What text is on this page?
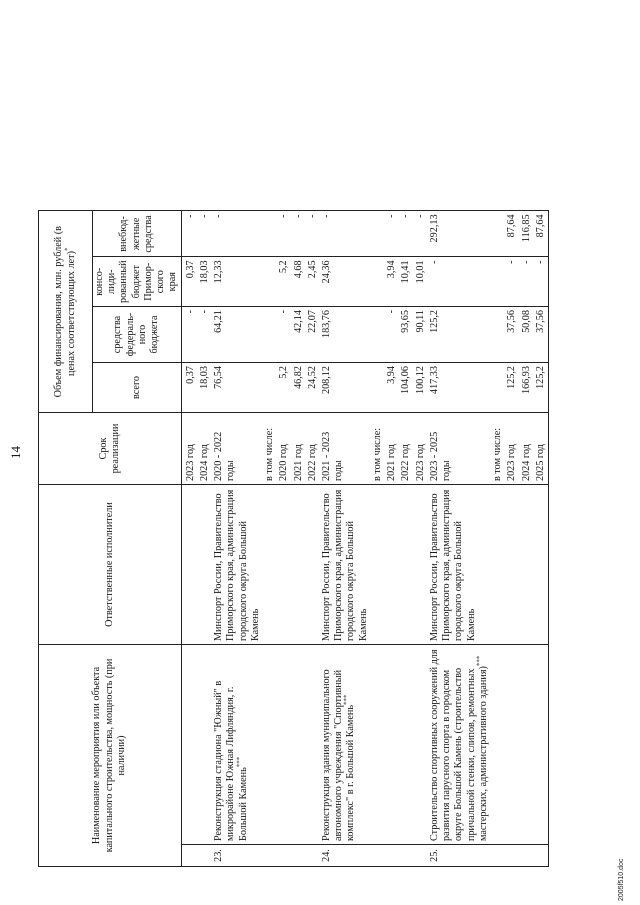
14
Наименование мероприятия или объекта капитального строительства, мощность (при наличии)		Ответственные исполнители	Срок реализации	Объем финансирования, млн. рублей (в ценах соответствующих лет)*
				всего	средства федераль- ного бюджета	консо- лиди- рованный бюджет Примор- ского края	внебюд- жетные средства
			2023 год	0,37	-	0,37	-
			2024 год	18,03	-	18,03	-
23.	Реконструкция стадиона "Южный" в микрорайоне Южная Лифляндия, г. Большой Камень***	Минспорт России, Правительство Приморского края, администрация городского округа Большой Камень	2020 - 2022 годы	76,54	64,21	12,33	-
			в том числе:				
			2020 год	5,2	-	5,2	-
			2021 год	46,82	42,14	4,68	-
			2022 год	24,52	22,07	2,45	-
24.	Реконструкция здания муниципального автономного учреждения "Спортивный комплекс" в г. Большой Камень***	Минспорт России, Правительство Приморского края, администрация городского округа Большой Камень	2021 - 2023 годы	208,12	183,76	24,36	-
			в том числе:				
			2021 год	3,94	-	3,94	-
			2022 год	104,06	93,65	10,41	-
			2023 год	100,12	90,11	10,01	-
25.	Строительство спортивных сооружений для развития парусного спорта в городском округе Большой Камень (строительство причальной стенки, слипов, ремонтных мастерских, административного здания)***	Минспорт России, Правительство Приморского края, администрация городского округа Большой Камень	2023 - 2025 годы	417,33	125,2	-	292,13
			в том числе:				
			2023 год	125,2	37,56	-	87,64
			2024 год	166,93	50,08	-	116,85
			2025 год	125,2	37,56	-	87,64
2005f510.doc
